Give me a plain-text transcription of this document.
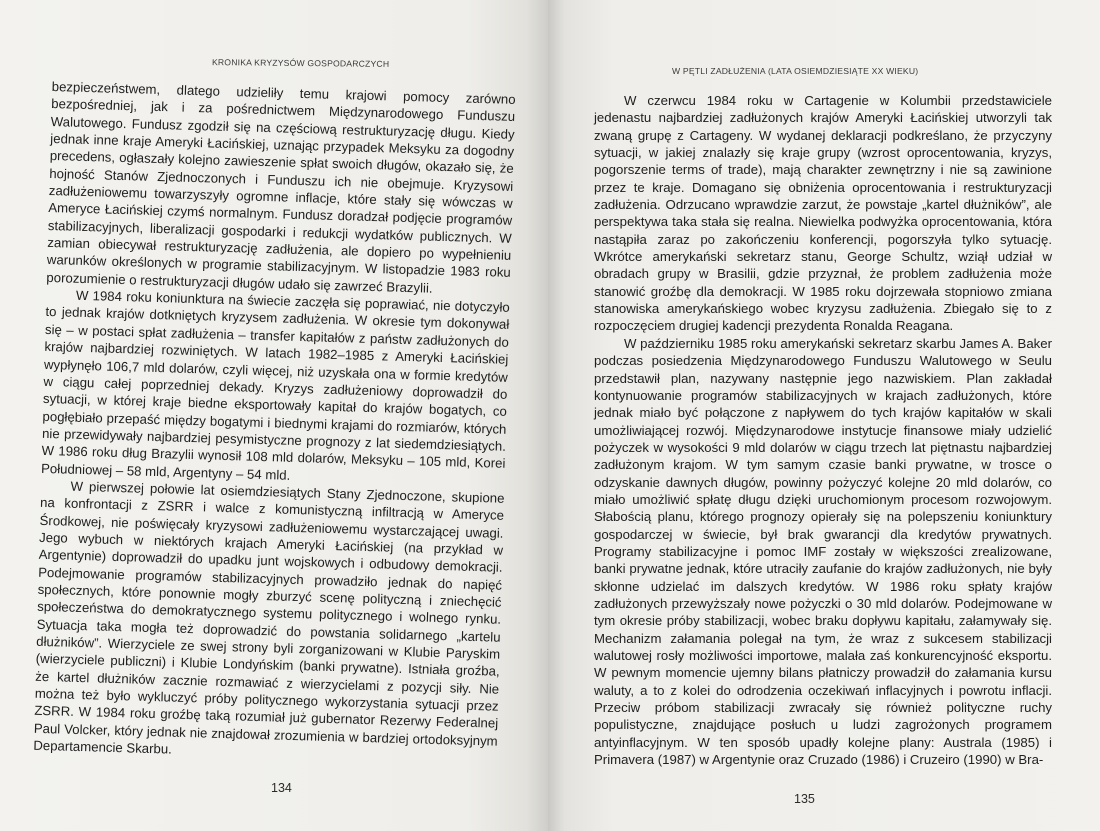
KRONIKA KRYZYSÓW GOSPODARCZYCH

bezpieczeństwem, dlatego udzieliły temu krajowi pomocy zarówno bezpośredniej, jak i za pośrednictwem Międzynarodowego Funduszu Walutowego. Fundusz zgodził się na częściową restrukturyzację długu. Kiedy jednak inne kraje Ameryki Łacińskiej, uznając przypadek Meksyku za dogodny precedens, ogłaszały kolejno zawieszenie spłat swoich długów, okazało się, że hojność Stanów Zjednoczonych i Funduszu ich nie obejmuje. Kryzysowi zadłużeniowemu towarzyszyły ogromne inflacje, które stały się wówczas w Ameryce Łacińskiej czymś normalnym. Fundusz doradzał podjęcie programów stabilizacyjnych, liberalizacji gospodarki i redukcji wydatków publicznych. W zamian obiecywał restrukturyzację zadłużenia, ale dopiero po wypełnieniu warunków określonych w programie stabilizacyjnym. W listopadzie 1983 roku porozumienie o restrukturyzacji długów udało się zawrzeć Brazylii.

W 1984 roku koniunktura na świecie zaczęła się poprawiać, nie dotyczyło to jednak krajów dotkniętych kryzysem zadłużenia. W okresie tym dokonywał się – w postaci spłat zadłużenia – transfer kapitałów z państw zadłużonych do krajów najbardziej rozwiniętych. W latach 1982–1985 z Ameryki Łacińskiej wypłynęło 106,7 mld dolarów, czyli więcej, niż uzyskała ona w formie kredytów w ciągu całej poprzedniej dekady. Kryzys zadłużeniowy doprowadził do sytuacji, w której kraje biedne eksportowały kapitał do krajów bogatych, co pogłębiało przepaść między bogatymi i biednymi krajami do rozmiarów, których nie przewidywały najbardziej pesymistyczne prognozy z lat siedemdziesiątych. W 1986 roku dług Brazylii wynosił 108 mld dolarów, Meksyku – 105 mld, Korei Południowej – 58 mld, Argentyny – 54 mld.

W pierwszej połowie lat osiemdziesiątych Stany Zjednoczone, skupione na konfrontacji z ZSRR i walce z komunistyczną infiltracją w Ameryce Środkowej, nie poświęcały kryzysowi zadłużeniowemu wystarczającej uwagi. Jego wybuch w niektórych krajach Ameryki Łacińskiej (na przykład w Argentynie) doprowadził do upadku junt wojskowych i odbudowy demokracji. Podejmowanie programów stabilizacyjnych prowadziło jednak do napięć społecznych, które ponownie mogły zburzyć scenę polityczną i zniechęcić społeczeństwa do demokratycznego systemu politycznego i wolnego rynku. Sytuacja taka mogła też doprowadzić do powstania solidarnego „kartelu dłużników”. Wierzyciele ze swej strony byli zorganizowani w Klubie Paryskim (wierzyciele publiczni) i Klubie Londyńskim (banki prywatne). Istniała groźba, że kartel dłużników zacznie rozmawiać z wierzycielami z pozycji siły. Nie można też było wykluczyć próby politycznego wykorzystania sytuacji przez ZSRR. W 1984 roku groźbę taką rozumiał już gubernator Rezerwy Federalnej Paul Volcker, który jednak nie znajdował zrozumienia w bardziej ortodoksyjnym Departamencie Skarbu.

134
W PĘTLI ZADŁUŻENIA (LATA OSIEMDZIESIĄTE XX WIEKU)

W czerwcu 1984 roku w Cartagenie w Kolumbii przedstawiciele jedenastu najbardziej zadłużonych krajów Ameryki Łacińskiej utworzyli tak zwaną grupę z Cartageny. W wydanej deklaracji podkreślano, że przyczyny sytuacji, w jakiej znalazły się kraje grupy (wzrost oprocentowania, kryzys, pogorszenie terms of trade), mają charakter zewnętrzny i nie są zawinione przez te kraje. Domagano się obniżenia oprocentowania i restrukturyzacji zadłużenia. Odrzucano wprawdzie zarzut, że powstaje „kartel dłużników”, ale perspektywa taka stała się realna. Niewielka podwyżka oprocentowania, która nastąpiła zaraz po zakończeniu konferencji, pogorszyła tylko sytuację. Wkrótce amerykański sekretarz stanu, George Schultz, wziął udział w obradach grupy w Brasilii, gdzie przyznał, że problem zadłużenia może stanowić groźbę dla demokracji. W 1985 roku dojrzewała stopniowo zmiana stanowiska amerykańskiego wobec kryzysu zadłużenia. Zbiegało się to z rozpoczęciem drugiej kadencji prezydenta Ronalda Reagana.

W październiku 1985 roku amerykański sekretarz skarbu James A. Baker podczas posiedzenia Międzynarodowego Funduszu Walutowego w Seulu przedstawił plan, nazywany następnie jego nazwiskiem. Plan zakładał kontynuowanie programów stabilizacyjnych w krajach zadłużonych, które jednak miało być połączone z napływem do tych krajów kapitałów w skali umożliwiającej rozwój. Międzynarodowe instytucje finansowe miały udzielić pożyczek w wysokości 9 mld dolarów w ciągu trzech lat piętnastu najbardziej zadłużonym krajom. W tym samym czasie banki prywatne, w trosce o odzyskanie dawnych długów, powinny pożyczyć kolejne 20 mld dolarów, co miało umożliwić spłatę długu dzięki uruchomionym procesom rozwojowym. Słabością planu, którego prognozy opierały się na polepszeniu koniunktury gospodarczej w świecie, był brak gwarancji dla kredytów prywatnych. Programy stabilizacyjne i pomoc IMF zostały w większości zrealizowane, banki prywatne jednak, które utraciły zaufanie do krajów zadłużonych, nie były skłonne udzielać im dalszych kredytów. W 1986 roku spłaty krajów zadłużonych przewyższały nowe pożyczki o 30 mld dolarów. Podejmowane w tym okresie próby stabilizacji, wobec braku dopływu kapitału, załamywały się. Mechanizm załamania polegał na tym, że wraz z sukcesem stabilizacji walutowej rosły możliwości importowe, malała zaś konkurencyjność eksportu. W pewnym momencie ujemny bilans płatniczy prowadził do załamania kursu waluty, a to z kolei do odrodzenia oczekiwań inflacyjnych i powrotu inflacji. Przeciw próbom stabilizacji zwracały się również polityczne ruchy populistyczne, znajdujące posłuch u ludzi zagrożonych programem antyinflacyjnym. W ten sposób upadły kolejne plany: Australa (1985) i Primavera (1987) w Argentynie oraz Cruzado (1986) i Cruzeiro (1990) w Bra-

135
